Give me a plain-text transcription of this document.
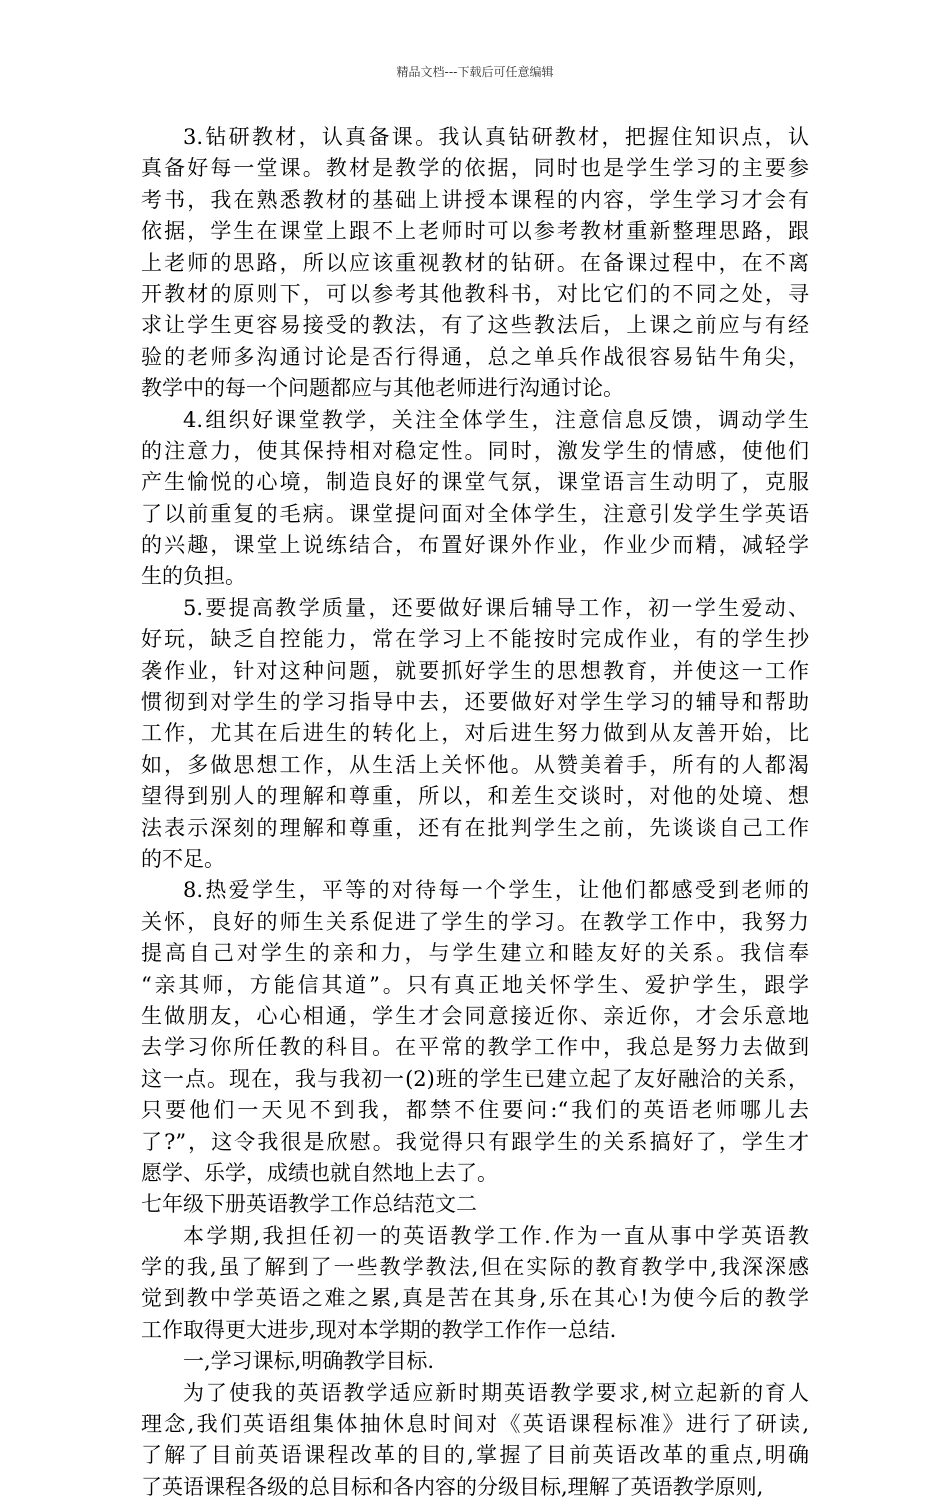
精品文档---下载后可任意编辑
3.钻研教材，认真备课。我认真钻研教材，把握住知识点，认
真备好每一堂课。教材是教学的依据，同时也是学生学习的主要参
考书，我在熟悉教材的基础上讲授本课程的内容，学生学习才会有
依据，学生在课堂上跟不上老师时可以参考教材重新整理思路，跟
上老师的思路，所以应该重视教材的钻研。在备课过程中，在不离
开教材的原则下，可以参考其他教科书，对比它们的不同之处，寻
求让学生更容易接受的教法，有了这些教法后，上课之前应与有经
验的老师多沟通讨论是否行得通，总之单兵作战很容易钻牛角尖，
教学中的每一个问题都应与其他老师进行沟通讨论。
4.组织好课堂教学，关注全体学生，注意信息反馈，调动学生
的注意力，使其保持相对稳定性。同时，激发学生的情感，使他们
产生愉悦的心境，制造良好的课堂气氛，课堂语言生动明了，克服
了以前重复的毛病。课堂提问面对全体学生，注意引发学生学英语
的兴趣，课堂上说练结合，布置好课外作业，作业少而精，减轻学
生的负担。
5.要提高教学质量，还要做好课后辅导工作，初一学生爱动、
好玩，缺乏自控能力，常在学习上不能按时完成作业，有的学生抄
袭作业，针对这种问题，就要抓好学生的思想教育，并使这一工作
惯彻到对学生的学习指导中去，还要做好对学生学习的辅导和帮助
工作，尤其在后进生的转化上，对后进生努力做到从友善开始，比
如，多做思想工作，从生活上关怀他。从赞美着手，所有的人都渴
望得到别人的理解和尊重，所以，和差生交谈时，对他的处境、想
法表示深刻的理解和尊重，还有在批判学生之前，先谈谈自己工作
的不足。
8.热爱学生，平等的对待每一个学生，让他们都感受到老师的
关怀，良好的师生关系促进了学生的学习。在教学工作中，我努力
提高自己对学生的亲和力，与学生建立和睦友好的关系。我信奉
“亲其师，方能信其道”。只有真正地关怀学生、爱护学生，跟学
生做朋友，心心相通，学生才会同意接近你、亲近你，才会乐意地
去学习你所任教的科目。在平常的教学工作中，我总是努力去做到
这一点。现在，我与我初一(2)班的学生已建立起了友好融洽的关系，
只要他们一天见不到我，都禁不住要问:“我们的英语老师哪儿去
了?”，这令我很是欣慰。我觉得只有跟学生的关系搞好了，学生才
愿学、乐学，成绩也就自然地上去了。
七年级下册英语教学工作总结范文二
本学期,我担任初一的英语教学工作.作为一直从事中学英语教
学的我,虽了解到了一些教学教法,但在实际的教育教学中,我深深感
觉到教中学英语之难之累,真是苦在其身,乐在其心!为使今后的教学
工作取得更大进步,现对本学期的教学工作作一总结.
一,学习课标,明确教学目标.
为了使我的英语教学适应新时期英语教学要求,树立起新的育人
理念,我们英语组集体抽休息时间对《英语课程标准》进行了研读,
了解了目前英语课程改革的目的,掌握了目前英语改革的重点,明确
了英语课程各级的总目标和各内容的分级目标,理解了英语教学原则,
